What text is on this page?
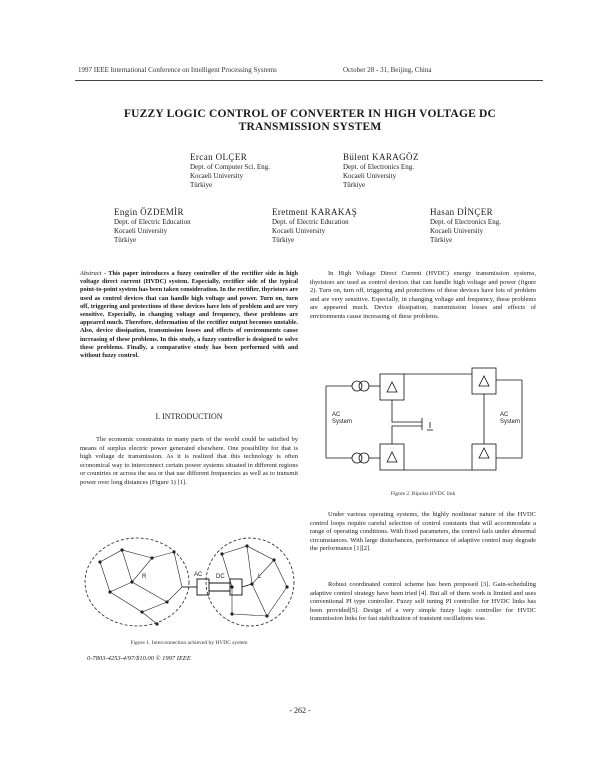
1997 IEEE International Conference on Intelligent Processing Systems	October 28 - 31, Beijing, China
FUZZY LOGIC CONTROL OF CONVERTER IN HIGH VOLTAGE DC
TRANSMISSION SYSTEM
Ercan OLÇER
Dept. of Computer Sci. Eng.
Kocaeli University
Türkiye
Bülent KARAGÖZ
Dept. of Electronics Eng.
Kocaeli University
Türkiye
Engin ÖZDEMİR
Dept. of Electric Education
Kocaeli University
Türkiye
Eretment KARAKAŞ
Dept. of Electric Education
Kocaeli University
Türkiye
Hasan DİNÇER
Dept. of Electronics Eng.
Kocaeli University
Türkiye
Abstract - This paper introduces a fuzzy controller of the rectifier side in high voltage direct current (HVDC) system. Especially, rectifier side of the typical point-to-point system has been taken consideration. In the rectifier, thyristors are used as control devices that can handle high voltage and power. Turn on, turn off, triggering and protections of these devices have lots of problem and are very sensitive. Especially, in changing voltage and frequency, these problems are appeared much. Therefore, deformation of the rectifier output becomes unstable. Also, device dissipation, transmission losses and effects of environments cause increasing of these problems. In this study, a fuzzy controller is designed to solve these problems. Finally, a comparative study has been performed with and without fuzzy control.
I. INTRODUCTION
The economic constraints in many parts of the world could be satisfied by means of surplus electric power generated elsewhere. One possibility for that is high voltage dc transmission. As it is realized that this technology is often economical way to interconnect certain power systems situated in different regions or countries or across the sea or that use different frequencies as well as to transmit power over long distances (Figure 1) [1].
AC DC
R	L
Figure 1. Interconnection achieved by HVDC system
0-7803-4253-4/97/$10.00 © 1997 IEEE
In High Voltage Direct Current (HVDC) energy transmission systems, thyristors are used as control devices that can handle high voltage and power (figure 2). Turn on, turn off, triggering and protections of these devices have lots of problem and are very sensitive. Especially, in changing voltage and frequency, these problems are appeared much. Device dissipation, transmission losses and effects of environments cause increasing of these problems.
AC
System
AC
System
Figure 2. Bipolar HVDC link
Under various operating systems, the highly nonlinear nature of the HVDC control loops require careful selection of control constants that will accommodate a range of operating conditions. With fixed parameters, the control fails under abnormal circumstances. With large disturbances, performance of adaptive control may degrade the performance [1][2].
Robust coordinated control scheme has been proposed [3]. Gain-scheduling adaptive control strategy have been tried [4]. But all of them work is limited and uses conventional PI type controller. Fuzzy self tuning PI controller for HVDC links has been provided[5]. Design of a very simple fuzzy logic controller for HVDC transmission links for fast stabilization of transient oscillations was
- 262 -
